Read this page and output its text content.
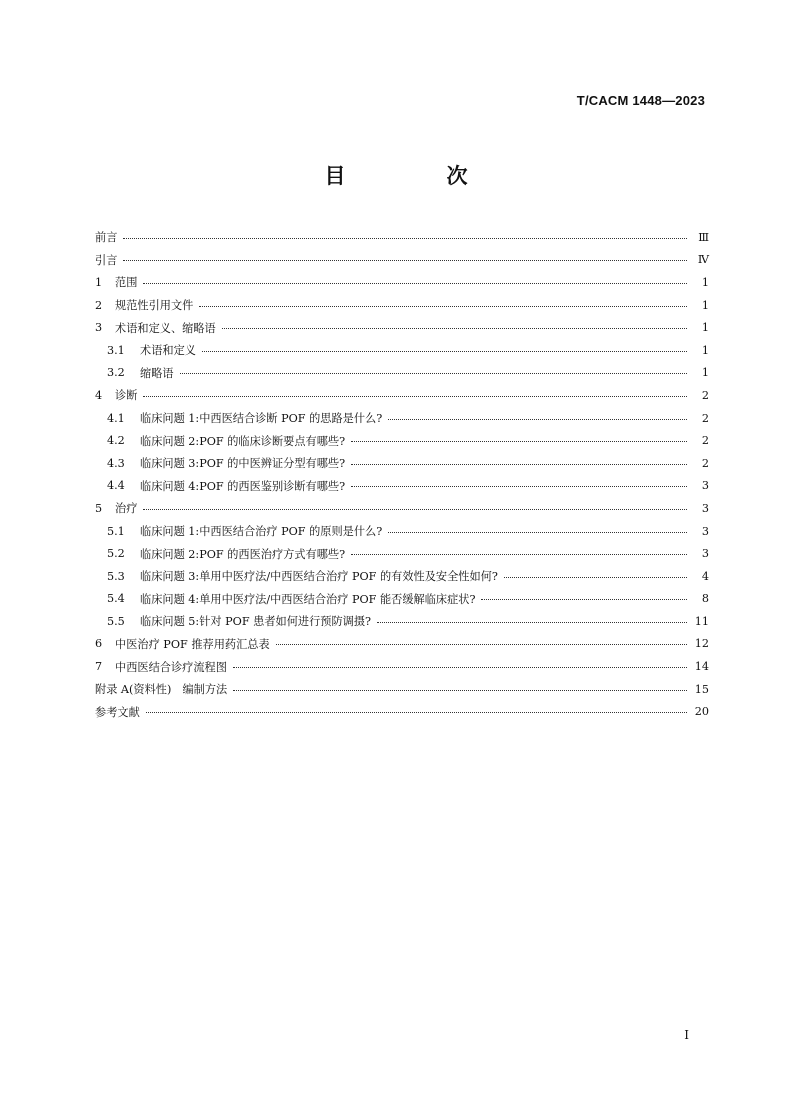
T/CACM 1448—2023
目　次
前言	Ⅲ
引言	Ⅳ
1	范围	1
2	规范性引用文件	1
3	术语和定义、缩略语	1
3.1	术语和定义	1
3.2	缩略语	1
4	诊断	2
4.1	临床问题 1:中西医结合诊断 POF 的思路是什么?	2
4.2	临床问题 2:POF 的临床诊断要点有哪些?	2
4.3	临床问题 3:POF 的中医辨证分型有哪些?	2
4.4	临床问题 4:POF 的西医鉴别诊断有哪些?	3
5	治疗	3
5.1	临床问题 1:中西医结合治疗 POF 的原则是什么?	3
5.2	临床问题 2:POF 的西医治疗方式有哪些?	3
5.3	临床问题 3:单用中医疗法/中西医结合治疗 POF 的有效性及安全性如何?	4
5.4	临床问题 4:单用中医疗法/中西医结合治疗 POF 能否缓解临床症状?	8
5.5	临床问题 5:针对 POF 患者如何进行预防调摄?	11
6	中医治疗 POF 推荐用药汇总表	12
7	中西医结合诊疗流程图	14
附录 A(资料性)　编制方法	15
参考文献	20
I
